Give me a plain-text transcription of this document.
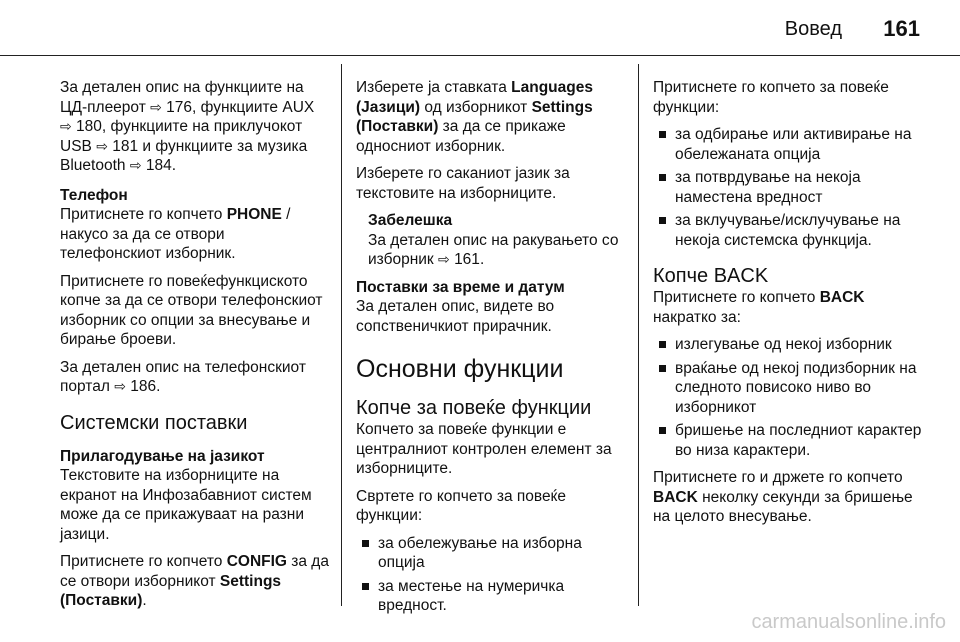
Вовед 161

За детален опис на функциите на ЦД-плеерот ⇨ 176, функциите AUX
⇨ 180, функциите на приклучокот USB ⇨ 181 и функциите за музика Bluetooth ⇨ 184.

Телефон

Притиснете го копчето PHONE / накусо за да се отвори телефонскиот изборник.

Притиснете го повеќефункциското копче за да се отвори телефонскиот изборник со опции за внесување и бирање броеви.

За детален опис на телефонскиот портал ⇨ 186.

Системски поставки

Прилагодување на јазикот

Текстовите на изборниците на екранот на Инфозабавниот систем може да се прикажуваат на разни јазици.

Притиснете го копчето CONFIG за да се отвори изборникот Settings (Поставки).

Изберете ја ставката Languages (Јазици) од изборникот Settings (Поставки) за да се прикаже односниот изборник.

Изберете го саканиот јазик за текстовите на изборниците.

Забелешка
За детален опис на ракувањето со изборник ⇨ 161.

Поставки за време и датум

За детален опис, видете во сопственичкиот прирачник.

Основни функции

Копче за повеќе функции

Копчето за повеќе функции е централниот контролен елемент за изборниците.

Свртете го копчето за повеќе функции:

за обележување на изборна опција
за местење на нумеричка вредност.

Притиснете го копчето за повеќе функции:

за одбирање или активирање на обележаната опција
за потврдување на некоја наместена вредност
за вклучување/исклучување на некоја системска функција.

Копче BACK

Притиснете го копчето BACK накратко за:

излегување од некој изборник
враќање од некој подизборник на следното повисоко ниво во изборникот
бришење на последниот карактер во низа карактери.

Притиснете го и држете го копчето BACK неколку секунди за бришење на целото внесување.

carmanualsonline.info
